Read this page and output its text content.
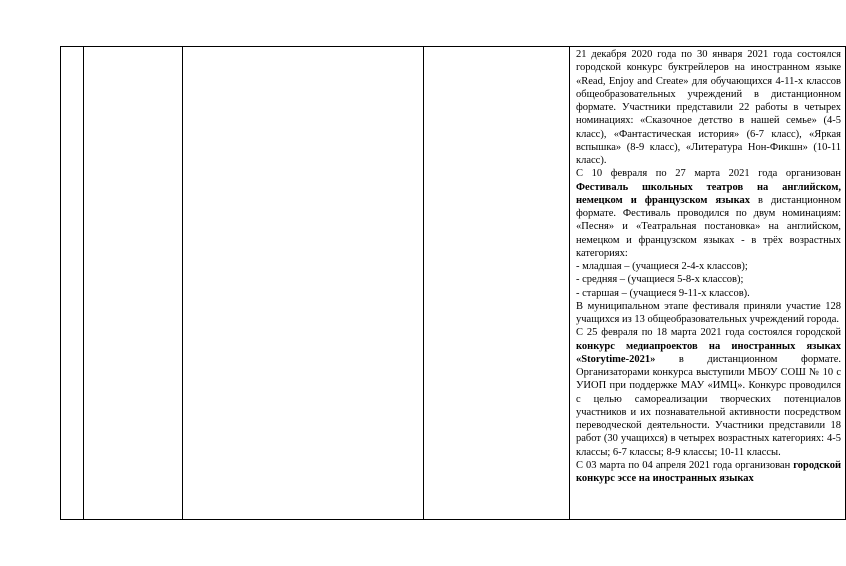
21 декабря 2020 года по 30 января 2021 года состоялся городской конкурс буктрейлеров на иностранном языке «Read, Enjoy and Create» для обучающихся 4-11-х классов общеобразовательных учреждений в дистанционном формате. Участники представили 22 работы в четырех номинациях: «Сказочное детство в нашей семье» (4-5 класс), «Фантастическая история» (6-7 класс), «Яркая вспышка» (8-9 класс), «Литература Нон-Фикшн» (10-11 класс).

С 10 февраля по 27 марта 2021 года организован Фестиваль школьных театров на английском, немецком и французском языках в дистанционном формате. Фестиваль проводился по двум номинациям: «Песня» и «Театральная постановка» на английском, немецком и французском языках - в трёх возрастных категориях:

- младшая – (учащиеся 2-4-х классов);

- средняя – (учащиеся 5-8-х классов);

- старшая – (учащиеся 9-11-х классов).

В муниципальном этапе фестиваля приняли участие 128 учащихся из 13 общеобразовательных учреждений города.

С 25 февраля по 18 марта 2021 года состоялся городской конкурс медиапроектов на иностранных языках «Storytime-2021» в дистанционном формате. Организаторами конкурса выступили МБОУ СОШ № 10 с УИОП при поддержке МАУ «ИМЦ». Конкурс проводился с целью самореализации творческих потенциалов участников и их познавательной активности посредством переводческой деятельности. Участники представили 18 работ (30 учащихся) в четырех возрастных категориях: 4-5 классы; 6-7 классы; 8-9 классы; 10-11 классы.

С 03 марта по 04 апреля 2021 года организован городской конкурс эссе на иностранных языках
